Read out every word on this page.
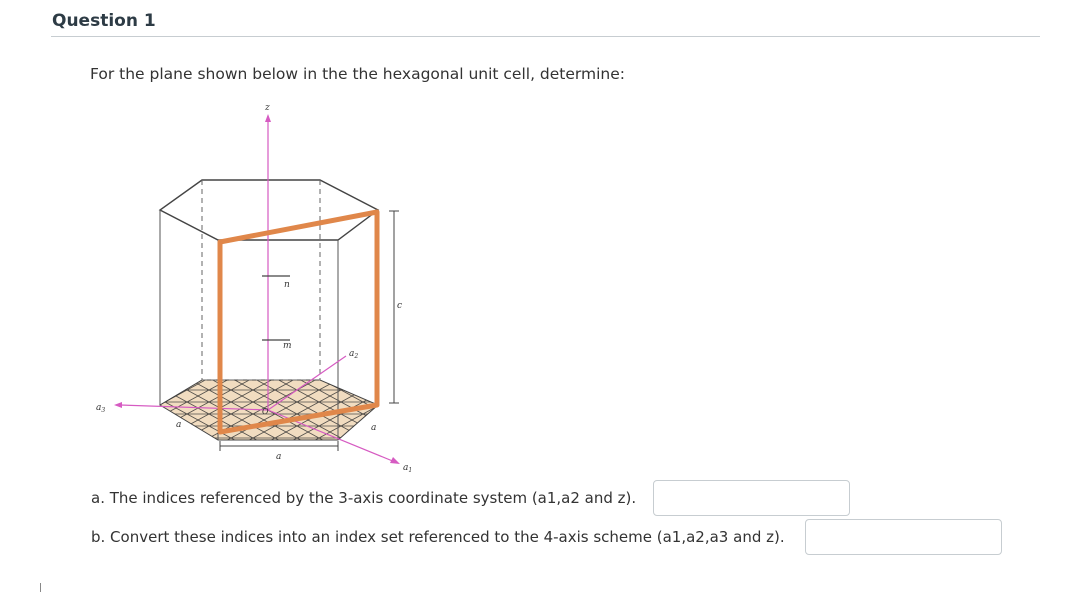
Question 1
For the plane shown below in the the hexagonal unit cell, determine:
z
n
m
$a_1$
$a_2$
$a_3$	O
c
a
a	a
a. The indices referenced by the 3-axis coordinate system (a1,a2 and z).
b. Convert these indices into an index set referenced to the 4-axis scheme (a1,a2,a3 and z).
